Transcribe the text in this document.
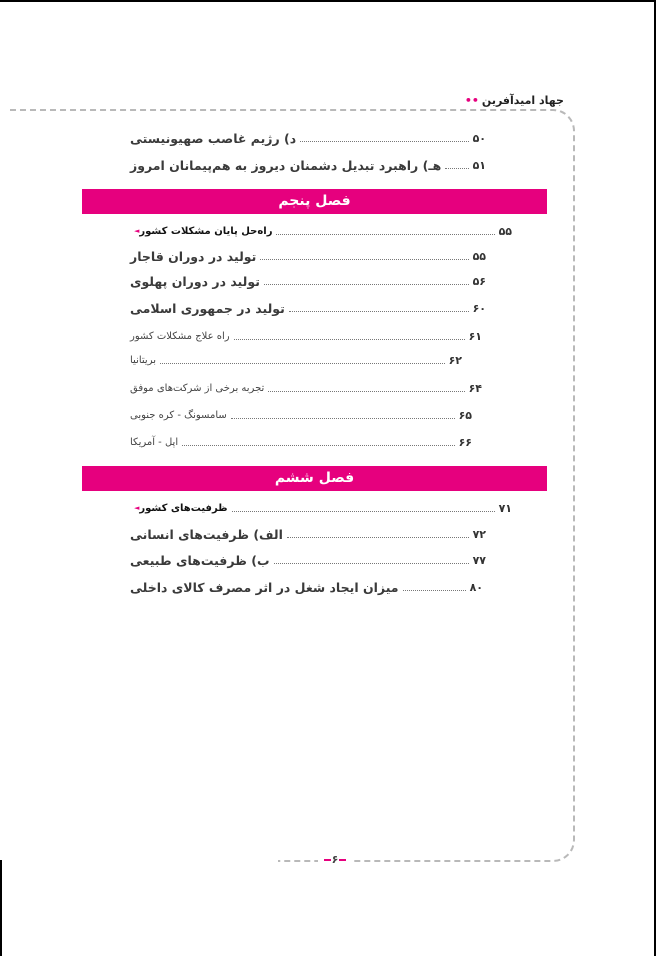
جهاد امیدآفرین••
د) رژیم غاصب صهیونیستی	۵۰
هـ) راهبرد تبدیل دشمنان دیروز به هم‌پیمانان امروز	۵۱
فصل پنجم
◄ راه‌حل پایان مشکلات کشور	۵۵
تولید در دوران قاجار	۵۵
تولید در دوران پهلوی	۵۶
تولید در جمهوری اسلامی	۶۰
راه علاج مشکلات کشور	۶۱
بریتانیا	۶۲
تجربه برخی از شرکت‌های موفق	۶۴
سامسونگ - کره جنوبی	۶۵
اپل - آمریکا	۶۶
فصل ششم
◄ ظرفیت‌های کشور	۷۱
الف) ظرفیت‌های انسانی	۷۲
ب) ظرفیت‌های طبیعی	۷۷
میزان ایجاد شغل در اثر مصرف کالای داخلی	۸۰
۶
